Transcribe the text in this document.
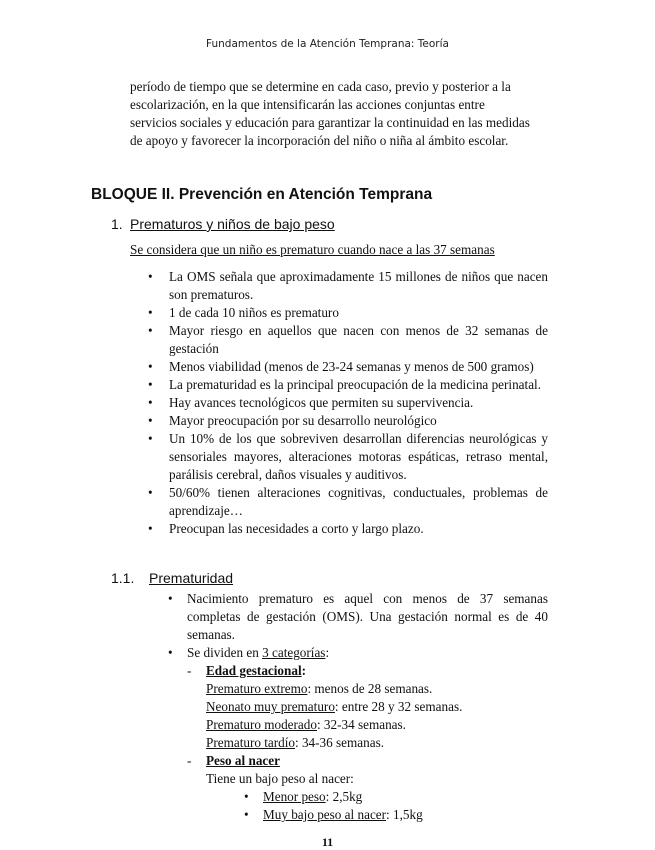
Fundamentos de la Atención Temprana: Teoría

período de tiempo que se determine en cada caso, previo y posterior a la

escolarización, en la que intensificarán las acciones conjuntas entre

servicios sociales y educación para garantizar la continuidad en las medidas

de apoyo y favorecer la incorporación del niño o niña al ámbito escolar.

BLOQUE II. Prevención en Atención Temprana
1. Prematuros y niños de bajo peso
Se considera que un niño es prematuro cuando nace a las 37 semanas
• La OMS señala que aproximadamente 15 millones de niños que nacen son prematuros.
• 1 de cada 10 niños es prematuro
• Mayor riesgo en aquellos que nacen con menos de 32 semanas de gestación
• Menos viabilidad (menos de 23-24 semanas y menos de 500 gramos)
• La prematuridad es la principal preocupación de la medicina perinatal.
• Hay avances tecnológicos que permiten su supervivencia.
• Mayor preocupación por su desarrollo neurológico
• Un 10% de los que sobreviven desarrollan diferencias neurológicas y sensoriales mayores, alteraciones motoras espáticas, retraso mental, parálisis cerebral, daños visuales y auditivos.
• 50/60% tienen alteraciones cognitivas, conductuales, problemas de aprendizaje…
• Preocupan las necesidades a corto y largo plazo.
1.1. Prematuridad
• Nacimiento prematuro es aquel con menos de 37 semanas completas de gestación (OMS). Una gestación normal es de 40 semanas.
• Se dividen en 3 categorías:
- Edad gestacional:
Prematuro extremo: menos de 28 semanas.
Neonato muy prematuro: entre 28 y 32 semanas.
Prematuro moderado: 32-34 semanas.
Prematuro tardío: 34-36 semanas.
- Peso al nacer
Tiene un bajo peso al nacer:
• Menor peso: 2,5kg
• Muy bajo peso al nacer: 1,5kg
11
